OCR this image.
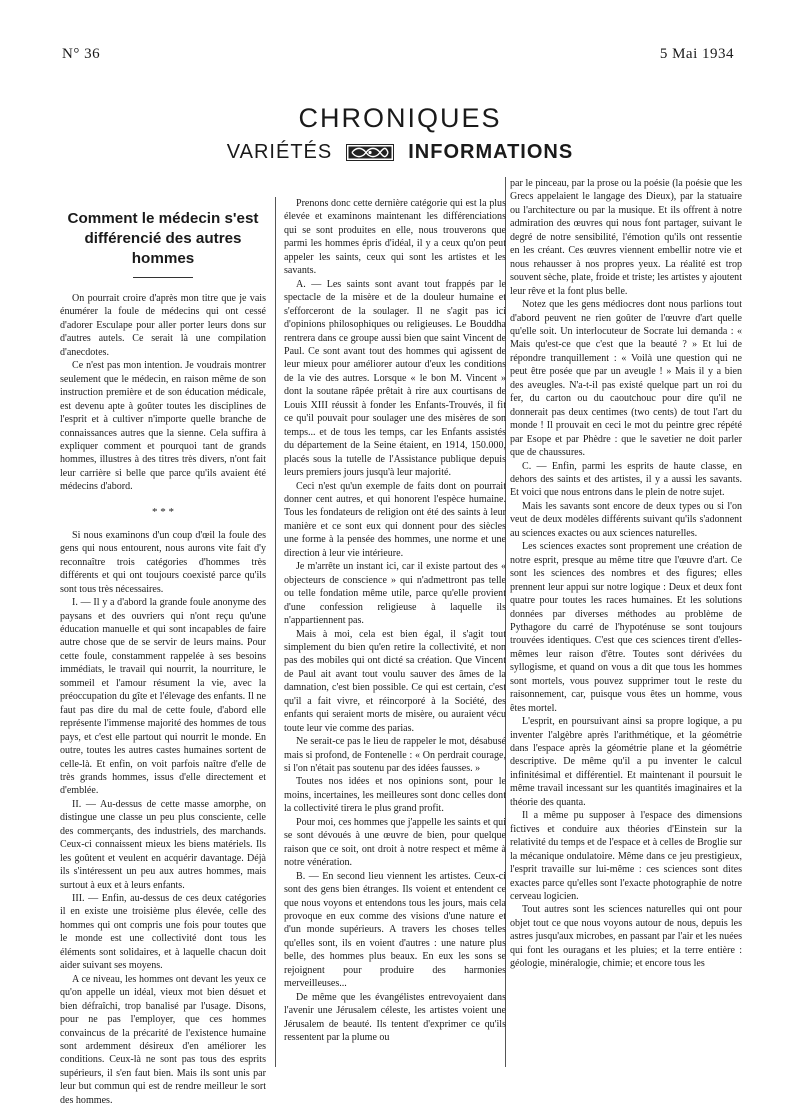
N° 36	5 Mai 1934
CHRONIQUES
VARIÉTÉS	INFORMATIONS
Comment le médecin s'est différencié des autres hommes

On pourrait croire d'après mon titre que je vais énumérer la foule de médecins qui ont cessé d'adorer Esculape pour aller porter leurs dons sur d'autres autels. Ce serait là une compilation d'anecdotes.

Ce n'est pas mon intention. Je voudrais montrer seulement que le médecin, en raison même de son instruction première et de son éducation médicale, est devenu apte à goûter toutes les disciplines de l'esprit et à cultiver n'importe quelle branche de connaissances autres que la sienne. Cela suffira à expliquer comment et pourquoi tant de grands hommes, illustres à des titres très divers, n'ont fait leur carrière si belle que parce qu'ils avaient été médecins d'abord.

* * *

Si nous examinons d'un coup d'œil la foule des gens qui nous entourent, nous aurons vite fait d'y reconnaître trois catégories d'hommes très différents et qui ont toujours coexisté parce qu'ils sont tous très nécessaires.

I. — Il y a d'abord la grande foule anonyme des paysans et des ouvriers qui n'ont reçu qu'une éducation manuelle et qui sont incapables de faire autre chose que de se servir de leurs mains. Pour cette foule, constamment rappelée à ses besoins immédiats, le travail qui nourrit, la nourriture, le sommeil et l'amour résument la vie, avec la préoccupation du gîte et l'élevage des enfants. Il ne faut pas dire du mal de cette foule, d'abord elle représente l'immense majorité des hommes de tous pays, et c'est elle partout qui nourrit le monde. En outre, toutes les autres castes humaines sortent de celle-là. Et enfin, on voit parfois naître d'elle de très grands hommes, issus d'elle directement et d'emblée.

II. — Au-dessus de cette masse amorphe, on distingue une classe un peu plus consciente, celle des commerçants, des industriels, des marchands. Ceux-ci connaissent mieux les biens matériels. Ils les goûtent et veulent en acquérir davantage. Déjà ils s'intéressent un peu aux autres hommes, mais surtout à eux et à leurs enfants.

III. — Enfin, au-dessus de ces deux catégories il en existe une troisième plus élevée, celle des hommes qui ont compris une fois pour toutes que le monde est une collectivité dont tous les éléments sont solidaires, et à laquelle chacun doit aider suivant ses moyens.

A ce niveau, les hommes ont devant les yeux ce qu'on appelle un idéal, vieux mot bien désuet et bien défraîchi, trop banalisé par l'usage. Disons, pour ne pas l'employer, que ces hommes convaincus de la précarité de l'existence humaine sont ardemment désireux d'en améliorer les conditions. Ceux-là ne sont pas tous des esprits supérieurs, il s'en faut bien. Mais ils sont unis par leur but commun qui est de rendre meilleur le sort des hommes.

Prenons donc cette dernière catégorie qui est la plus élevée et examinons maintenant les différenciations qui se sont produites en elle, nous trouverons que parmi les hommes épris d'idéal, il y a ceux qu'on peut appeler les saints, ceux qui sont les artistes et les savants.

A. — Les saints sont avant tout frappés par le spectacle de la misère et de la douleur humaine et s'efforceront de la soulager. Il ne s'agit pas ici d'opinions philosophiques ou religieuses. Le Bouddha rentrera dans ce groupe aussi bien que saint Vincent de Paul. Ce sont avant tout des hommes qui agissent de leur mieux pour améliorer autour d'eux les conditions de la vie des autres. Lorsque « le bon M. Vincent » dont la soutane râpée prêtait à rire aux courtisans de Louis XIII réussit à fonder les Enfants-Trouvés, il fit ce qu'il pouvait pour soulager une des misères de son temps... et de tous les temps, car les Enfants assistés du département de la Seine étaient, en 1914, 150.000, placés sous la tutelle de l'Assistance publique depuis leurs premiers jours jusqu'à leur majorité.

Ceci n'est qu'un exemple de faits dont on pourrait donner cent autres, et qui honorent l'espèce humaine. Tous les fondateurs de religion ont été des saints à leur manière et ce sont eux qui donnent pour des siècles une forme à la pensée des hommes, une norme et une direction à leur vie intérieure.

Je m'arrête un instant ici, car il existe partout des « objecteurs de conscience » qui n'admettront pas telle ou telle fondation même utile, parce qu'elle provient d'une confession religieuse à laquelle ils n'appartiennent pas.

Mais à moi, cela est bien égal, il s'agit tout simplement du bien qu'en retire la collectivité, et non pas des mobiles qui ont dicté sa création. Que Vincent de Paul ait avant tout voulu sauver des âmes de la damnation, c'est bien possible. Ce qui est certain, c'est qu'il a fait vivre, et réincorporé à la Société, des enfants qui seraient morts de misère, ou auraient vécu toute leur vie comme des parias.

Ne serait-ce pas le lieu de rappeler le mot, désabusé mais si profond, de Fontenelle : « On perdrait courage, si l'on n'était pas soutenu par des idées fausses. »

Toutes nos idées et nos opinions sont, pour le moins, incertaines, les meilleures sont donc celles dont la collectivité tirera le plus grand profit.

Pour moi, ces hommes que j'appelle les saints et qui se sont dévoués à une œuvre de bien, pour quelque raison que ce soit, ont droit à notre respect et même à notre vénération.

B. — En second lieu viennent les artistes. Ceux-ci sont des gens bien étranges. Ils voient et entendent ce que nous voyons et entendons tous les jours, mais cela provoque en eux comme des visions d'une nature et d'un monde supérieurs. A travers les choses telles qu'elles sont, ils en voient d'autres : une nature plus belle, des hommes plus beaux. En eux les sons se rejoignent pour produire des harmonies merveilleuses...

De même que les évangélistes entrevoyaient dans l'avenir une Jérusalem céleste, les artistes voient une Jérusalem de beauté. Ils tentent d'exprimer ce qu'ils ressentent par la plume ou

par le pinceau, par la prose ou la poésie (la poésie que les Grecs appelaient le langage des Dieux), par la statuaire ou l'architecture ou par la musique. Et ils offrent à notre admiration des œuvres qui nous font partager, suivant le degré de notre sensibilité, l'émotion qu'ils ont ressentie en les créant. Ces œuvres viennent embellir notre vie et nous rehausser à nos propres yeux. La réalité est trop souvent sèche, plate, froide et triste; les artistes y ajoutent leur rêve et la font plus belle.

Notez que les gens médiocres dont nous parlions tout d'abord peuvent ne rien goûter de l'œuvre d'art quelle qu'elle soit. Un interlocuteur de Socrate lui demanda : « Mais qu'est-ce que c'est que la beauté ? » Et lui de répondre tranquillement : « Voilà une question qui ne peut être posée que par un aveugle ! » Mais il y a bien des aveugles. N'a-t-il pas existé quelque part un roi du fer, du carton ou du caoutchouc pour dire qu'il ne donnerait pas deux centimes (two cents) de tout l'art du monde ! Il prouvait en ceci le mot du peintre grec répété par Esope et par Phèdre : que le savetier ne doit parler que de chaussures.

C. — Enfin, parmi les esprits de haute classe, en dehors des saints et des artistes, il y a aussi les savants. Et voici que nous entrons dans le plein de notre sujet.

Mais les savants sont encore de deux types ou si l'on veut de deux modèles différents suivant qu'ils s'adonnent au sciences exactes ou aux sciences naturelles.

Les sciences exactes sont proprement une création de notre esprit, presque au même titre que l'œuvre d'art. Ce sont les sciences des nombres et des figures; elles prennent leur appui sur notre logique : Deux et deux font quatre pour toutes les races humaines. Et les solutions données par diverses méthodes au problème de Pythagore du carré de l'hypoténuse se sont toujours trouvées identiques. C'est que ces sciences tirent d'elles-mêmes leur raison d'être. Toutes sont dérivées du syllogisme, et quand on vous a dit que tous les hommes sont mortels, vous pouvez supprimer tout le reste du raisonnement, car, puisque vous êtes un homme, vous êtes mortel.

L'esprit, en poursuivant ainsi sa propre logique, a pu inventer l'algèbre après l'arithmétique, et la géométrie dans l'espace après la géométrie plane et la géométrie descriptive. De même qu'il a pu inventer le calcul infinitésimal et différentiel. Et maintenant il poursuit le même travail incessant sur les quantités imaginaires et la théorie des quanta.

Il a même pu supposer à l'espace des dimensions fictives et conduire aux théories d'Einstein sur la relativité du temps et de l'espace et à celles de Broglie sur la mécanique ondulatoire. Même dans ce jeu prestigieux, l'esprit travaille sur lui-même : ces sciences sont dites exactes parce qu'elles sont l'exacte photographie de notre cerveau logicien.

Tout autres sont les sciences naturelles qui ont pour objet tout ce que nous voyons autour de nous, depuis les astres jusqu'aux microbes, en passant par l'air et les nuées qui font les ouragans et les pluies; et la terre entière : géologie, minéralogie, chimie; et encore tous les
